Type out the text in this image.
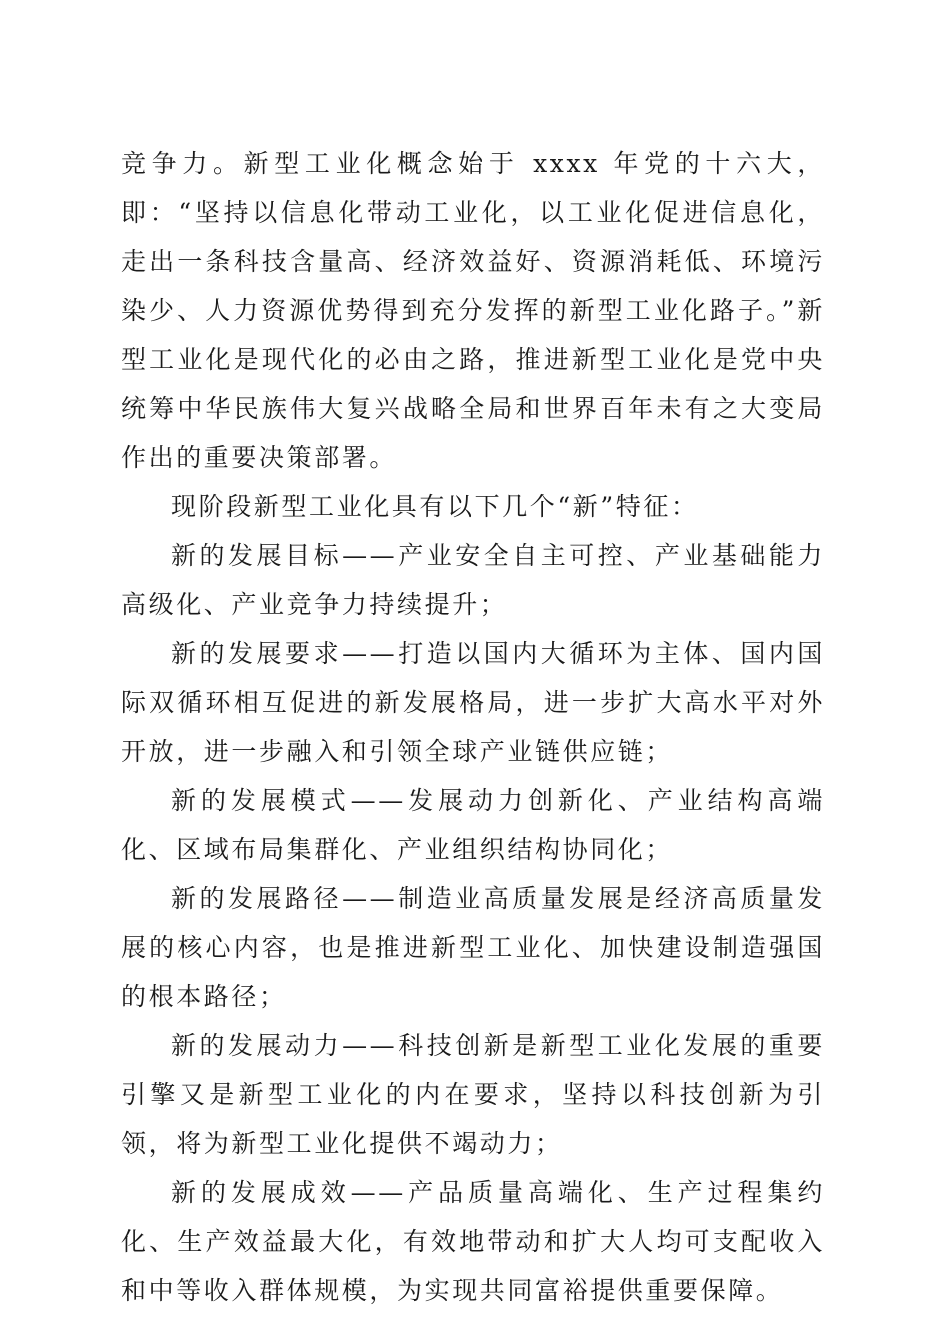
竞争力。新型工业化概念始于 xxxx 年党的十六大，即：“坚持以信息化带动工业化，以工业化促进信息化，走出一条科技含量高、经济效益好、资源消耗低、环境污染少、人力资源优势得到充分发挥的新型工业化路子。”新型工业化是现代化的必由之路，推进新型工业化是党中央统筹中华民族伟大复兴战略全局和世界百年未有之大变局作出的重要决策部署。

现阶段新型工业化具有以下几个“新”特征：

新的发展目标——产业安全自主可控、产业基础能力高级化、产业竞争力持续提升；

新的发展要求——打造以国内大循环为主体、国内国际双循环相互促进的新发展格局，进一步扩大高水平对外开放，进一步融入和引领全球产业链供应链；

新的发展模式——发展动力创新化、产业结构高端化、区域布局集群化、产业组织结构协同化；

新的发展路径——制造业高质量发展是经济高质量发展的核心内容，也是推进新型工业化、加快建设制造强国的根本路径；

新的发展动力——科技创新是新型工业化发展的重要引擎又是新型工业化的内在要求，坚持以科技创新为引领，将为新型工业化提供不竭动力；

新的发展成效——产品质量高端化、生产过程集约化、生产效益最大化，有效地带动和扩大人均可支配收入和中等收入群体规模，为实现共同富裕提供重要保障。
